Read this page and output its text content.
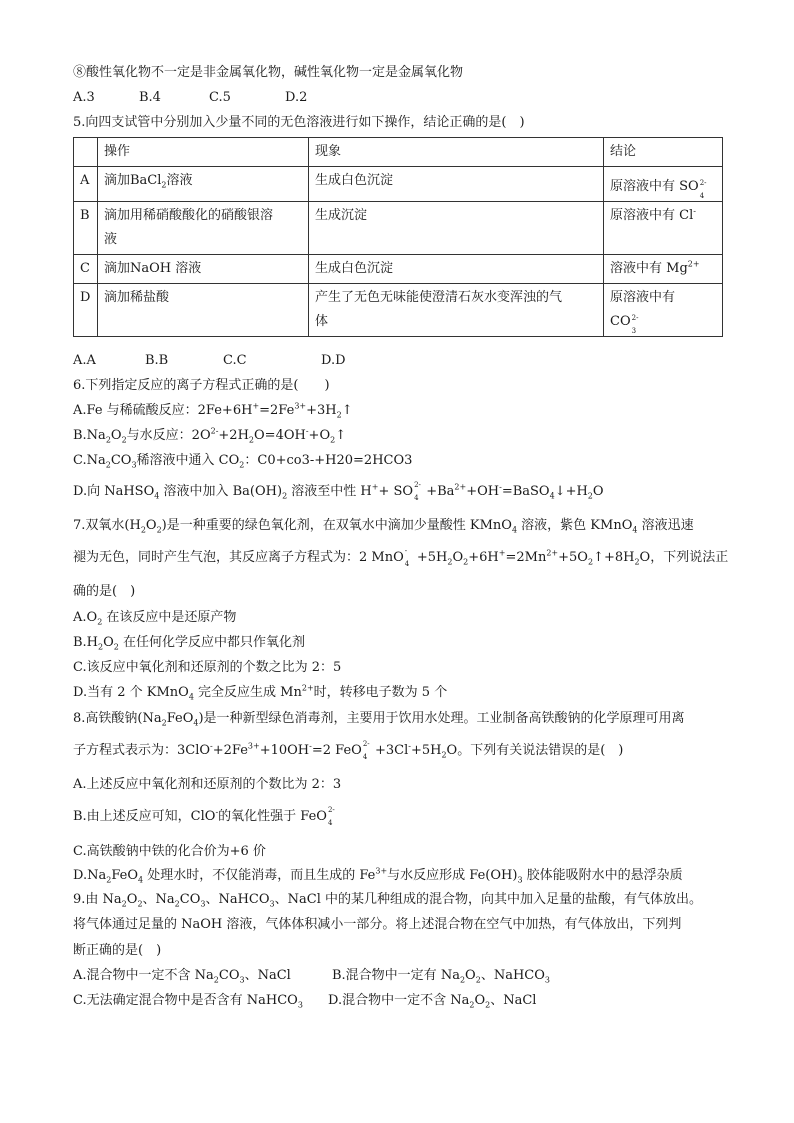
⑧酸性氧化物不一定是非金属氧化物，碱性氧化物一定是金属氧化物
A.3	B.4	C.5	D.2
5.向四支试管中分别加入少量不同的无色溶液进行如下操作，结论正确的是(　)
	操作	现象	结论
A	滴加BaCl$_2$溶液	生成白色沉淀	原溶液中有 SO 2-
4

B	滴加用稀硝酸酸化的硝酸银溶
液	生成沉淀	原溶液中有 Cl-
C	滴加NaOH 溶液	生成白色沉淀	溶液中有 $Mg^{2+}$
D	滴加稀盐酸	产生了无色无味能使澄清石灰水变浑浊的气
体	原溶液中有
CO 2-
3
A.A	B.B	C.C	D.D
6.下列指定反应的离子方程式正确的是(　　)
A.Fe 与稀硫酸反应：$2Fe+6H^+=2Fe^{3+}+3H_2↑$
$B.Na_2O_2$与水反应：$2O^{2-}+2H_2O=4OH^-+O_2↑$
$C.Na_2CO_3$稀溶液中通入 $CO_2$：C0+co3-+H20=2HCO3
D.向 NaHSO$_4$ 溶液中加入 $Ba(OH)_2$ 溶液至中性 H++ SO 2-
$4 +Ba^{2+}+OH^-=BaSO_4↓+H_2O$
7.双氧水$(H_2O_2)$是一种重要的绿色氧化剂，在双氧水中滴加少量酸性 KMnO$_4$ 溶液，紫色 KMnO$_4$ 溶液迅速
褪为无色，同时产生气泡，其反应离子方程式为：2 MnO -
$4 +5H_2O_2+6H^+=2Mn^{2+}+5O_2↑+8H_2O$，下列说法正
确的是(　)
$A.O_2$ 在该反应中是还原产物
$B.H_2O_2$ 在任何化学反应中都只作氧化剂
C.该反应中氧化剂和还原剂的个数之比为 2：5
D.当有 2 个 KMnO$_4$ 完全反应生成 $Mn^{2+}$时，转移电子数为 5 个
8.高铁酸钠$(Na_2FeO_4)$是一种新型绿色消毒剂，主要用于饮用水处理。工业制备高铁酸钠的化学原理可用离
子方程式表示为：$3ClO^-+2Fe^{3+}+10OH^-=2$ FeO 2-
$4 +3Cl^-+5H_2O$。下列有关说法错误的是(　)
A.上述反应中氧化剂和还原剂的个数比为 2：3
B.由上述反应可知，ClO-的氧化性强于 FeO 2-
4
C.高铁酸钠中铁的化合价为+6 价
$D.Na_2FeO_4$ 处理水时，不仅能消毒，而且生成的 $Fe^{3+}$与水反应形成 $Fe(OH)_3$ 胶体能吸附水中的悬浮杂质
9.由 $Na_2O_2$、$Na_2CO_3$、NaHCO$_3$、NaCl 中的某几种组成的混合物，向其中加入足量的盐酸，有气体放出。
将气体通过足量的 NaOH 溶液，气体体积减小一部分。将上述混合物在空气中加热，有气体放出，下列判
断正确的是(　)
A.混合物中一定不含 $Na_2CO_3$、NaCl	B.混合物中一定有 $Na_2O_2$、NaHCO$_3$
C.无法确定混合物中是否含有 NaHCO$_3$ D.混合物中一定不含 $Na_2O_2$、NaCl
